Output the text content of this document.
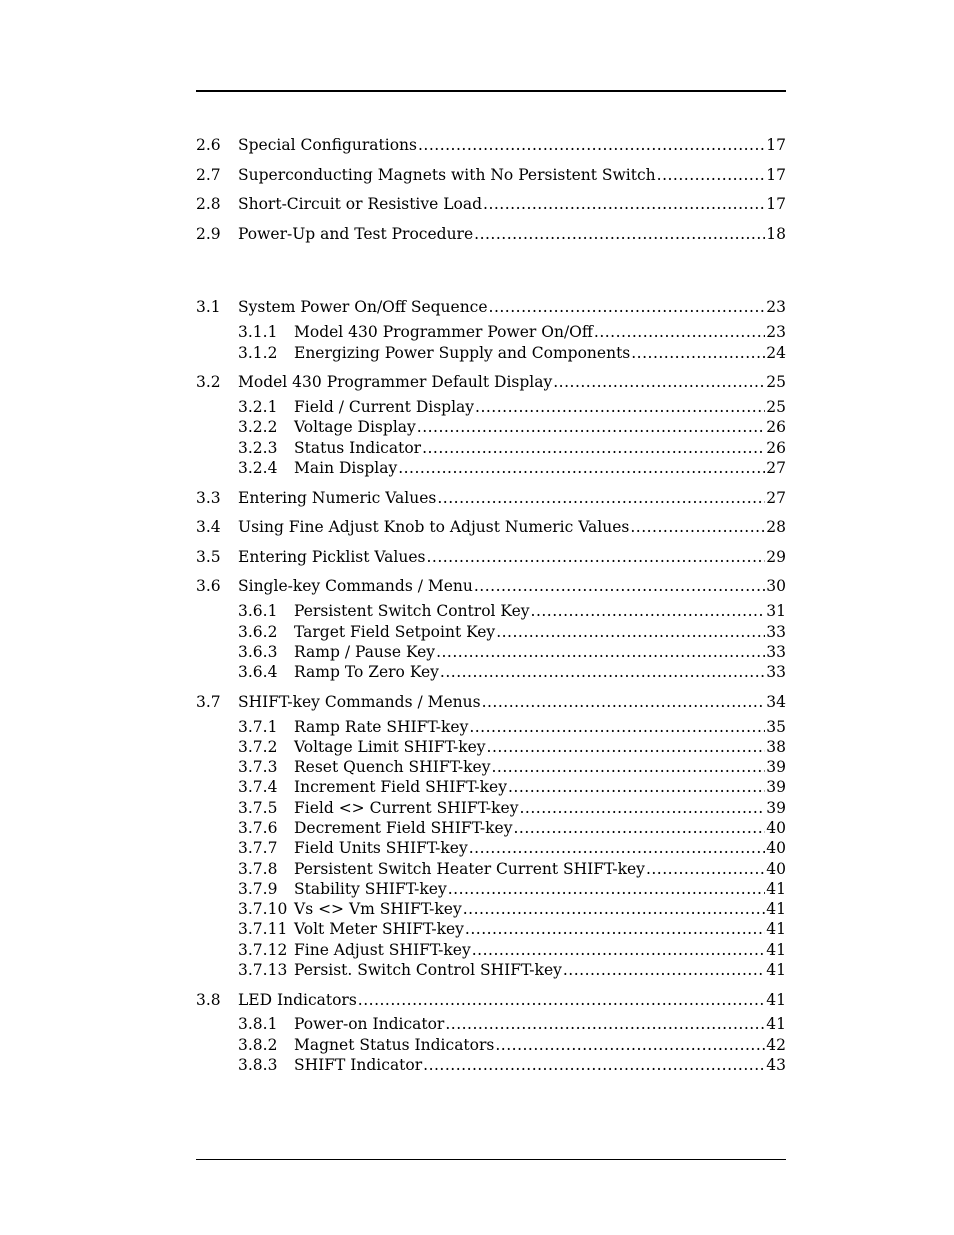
2.6	Special Configurations .....	17
2.7	Superconducting Magnets with No Persistent Switch .....	17
2.8	Short-Circuit or Resistive Load .....	17
2.9	Power-Up and Test Procedure .....	18
3.1	System Power On/Off Sequence .....	23
3.1.1	Model 430 Programmer Power On/Off .....	23
3.1.2	Energizing Power Supply and Components .....	24
3.2	Model 430 Programmer Default Display .....	25
3.2.1	Field / Current Display .....	25
3.2.2	Voltage Display .....	26
3.2.3	Status Indicator .....	26
3.2.4	Main Display .....	27
3.3	Entering Numeric Values .....	27
3.4	Using Fine Adjust Knob to Adjust Numeric Values .....	28
3.5	Entering Picklist Values .....	29
3.6	Single-key Commands / Menu .....	30
3.6.1	Persistent Switch Control Key .....	31
3.6.2	Target Field Setpoint Key .....	33
3.6.3	Ramp / Pause Key .....	33
3.6.4	Ramp To Zero Key .....	33
3.7	SHIFT-key Commands / Menus .....	34
3.7.1	Ramp Rate SHIFT-key .....	35
3.7.2	Voltage Limit SHIFT-key .....	38
3.7.3	Reset Quench SHIFT-key .....	39
3.7.4	Increment Field SHIFT-key .....	39
3.7.5	Field <> Current SHIFT-key .....	39
3.7.6	Decrement Field SHIFT-key .....	40
3.7.7	Field Units SHIFT-key .....	40
3.7.8	Persistent Switch Heater Current SHIFT-key .....	40
3.7.9	Stability SHIFT-key .....	41
3.7.10 Vs <> Vm SHIFT-key .....	41
3.7.11 Volt Meter SHIFT-key .....	41
3.7.12 Fine Adjust SHIFT-key .....	41
3.7.13 Persist. Switch Control SHIFT-key .....	41
3.8	LED Indicators .....	41
3.8.1	Power-on Indicator .....	41
3.8.2	Magnet Status Indicators .....	42
3.8.3	SHIFT Indicator .....	43
